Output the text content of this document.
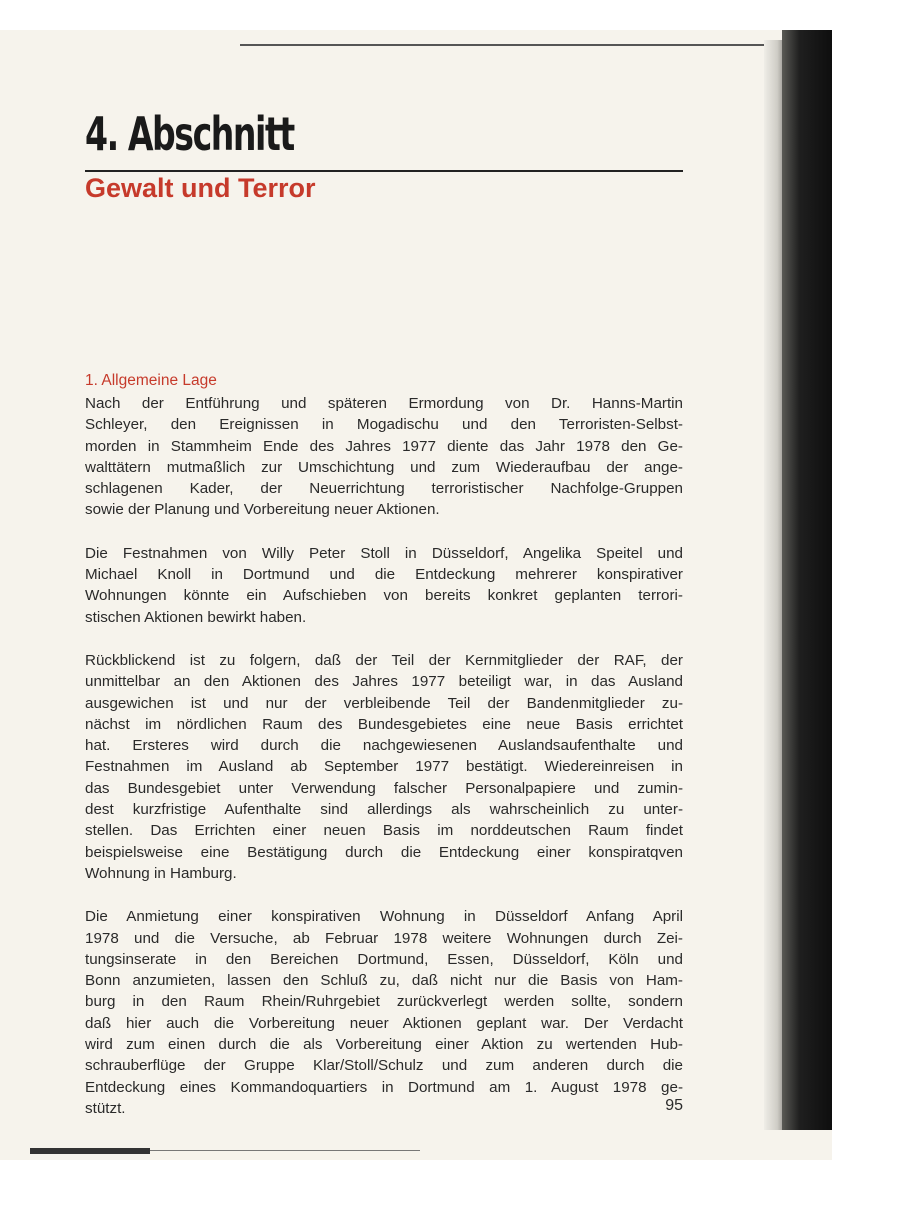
4. Abschnitt
Gewalt und Terror
1. Allgemeine Lage

Nach der Entführung und späteren Ermordung von Dr. Hanns-Martin
Schleyer, den Ereignissen in Mogadischu und den Terroristen-Selbst-
morden in Stammheim Ende des Jahres 1977 diente das Jahr 1978 den Ge-
walttätern mutmaßlich zur Umschichtung und zum Wiederaufbau der ange-
schlagenen Kader, der Neuerrichtung terroristischer Nachfolge-Gruppen
sowie der Planung und Vorbereitung neuer Aktionen.

Die Festnahmen von Willy Peter Stoll in Düsseldorf, Angelika Speitel und
Michael Knoll in Dortmund und die Entdeckung mehrerer konspirativer
Wohnungen könnte ein Aufschieben von bereits konkret geplanten terrori-
stischen Aktionen bewirkt haben.

Rückblickend ist zu folgern, daß der Teil der Kernmitglieder der RAF, der
unmittelbar an den Aktionen des Jahres 1977 beteiligt war, in das Ausland
ausgewichen ist und nur der verbleibende Teil der Bandenmitglieder zu-
nächst im nördlichen Raum des Bundesgebietes eine neue Basis errichtet
hat. Ersteres wird durch die nachgewiesenen Auslandsaufenthalte und
Festnahmen im Ausland ab September 1977 bestätigt. Wiedereinreisen in
das Bundesgebiet unter Verwendung falscher Personalpapiere und zumin-
dest kurzfristige Aufenthalte sind allerdings als wahrscheinlich zu unter-
stellen. Das Errichten einer neuen Basis im norddeutschen Raum findet
beispielsweise eine Bestätigung durch die Entdeckung einer konspiratqven
Wohnung in Hamburg.

Die Anmietung einer konspirativen Wohnung in Düsseldorf Anfang April
1978 und die Versuche, ab Februar 1978 weitere Wohnungen durch Zei-
tungsinserate in den Bereichen Dortmund, Essen, Düsseldorf, Köln und
Bonn anzumieten, lassen den Schluß zu, daß nicht nur die Basis von Ham-
burg in den Raum Rhein/Ruhrgebiet zurückverlegt werden sollte, sondern
daß hier auch die Vorbereitung neuer Aktionen geplant war. Der Verdacht
wird zum einen durch die als Vorbereitung einer Aktion zu wertenden Hub-
schrauberflüge der Gruppe Klar/Stoll/Schulz und zum anderen durch die
Entdeckung eines Kommandoquartiers in Dortmund am 1. August 1978 ge-
stützt.	95
